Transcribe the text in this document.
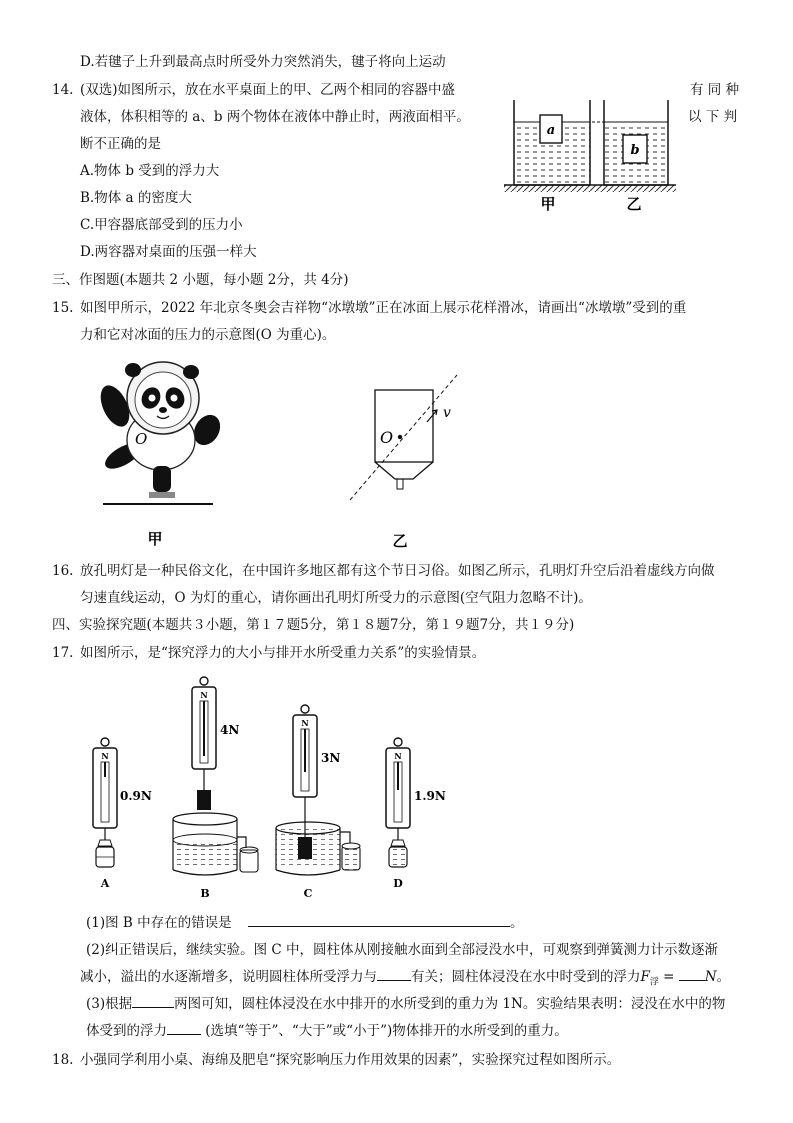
D.若毽子上升到最高点时所受外力突然消失，毽子将向上运动
14. (双选)如图所示，放在水平桌面上的甲、乙两个相同的容器中盛	有 同 种
液体，体积相等的 a、b 两个物体在液体中静止时，两液面相平。	以 下 判
断不正确的是
A.物体 b 受到的浮力大
B.物体 a 的密度大
C.甲容器底部受到的压力小
D.两容器对桌面的压强一样大
a
b
甲	乙
三、作图题(本题共 2 小题，每小题 2分，共 4分)
15. 如图甲所示，2022 年北京冬奥会吉祥物“冰墩墩”正在冰面上展示花样滑冰，请画出“冰墩墩”受到的重
力和它对冰面的压力的示意图(O 为重心)。
O
甲
O
v
乙
16. 放孔明灯是一种民俗文化，在中国许多地区都有这个节日习俗。如图乙所示，孔明灯升空后沿着虚线方向做
匀速直线运动，O 为灯的重心，请你画出孔明灯所受力的示意图(空气阻力忽略不计)。
四、实验探究题(本题共３小题，第１７题5分，第１８题7分，第１９题7分，共１９分)
17. 如图所示，是“探究浮力的大小与排开水所受重力关系”的实验情景。
N
0.9N
A
N
4N
B
N
3N
C
N
1.9N
D
(1)图 B 中存在的错误是	。
(2)纠正错误后，继续实验。图 C 中，圆柱体从刚接触水面到全部浸没水中，可观察到弹簧测力计示数逐渐
减小，溢出的水逐渐增多，说明圆柱体所受浮力与	有关；圆柱体浸没在水中时受到的浮力$F_浮 = N$。
(3)根据	两图可知，圆柱体浸没在水中排开的水所受到的重力为 1N。实验结果表明：浸没在水中的物
体受到的浮力	(选填“等于”、“大于”或“小于”)物体排开的水所受到的重力。
18. 小强同学利用小桌、海绵及肥皂“探究影响压力作用效果的因素”，实验探究过程如图所示。
